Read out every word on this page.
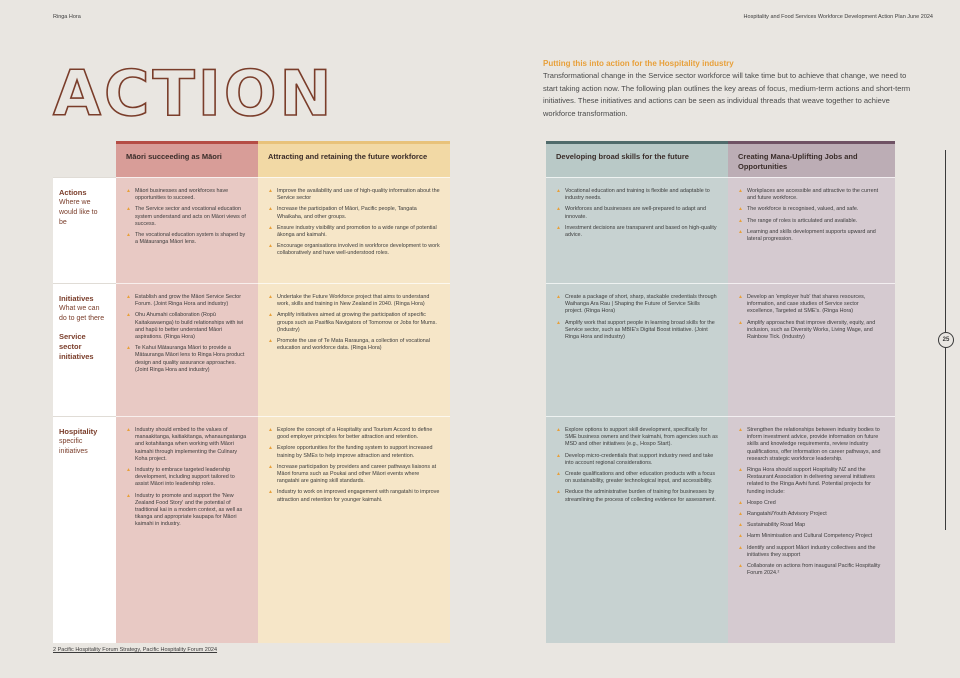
Ringa Hora	Hospitality and Food Services Workforce Development Action Plan June 2024
ACTION	Putting this into action for the Hospitality industry

Transformational change in the Service sector workforce will take time but to achieve that change, we need to start taking action now. The following plan outlines the key areas of focus, medium-term actions and short-term initiatives. These initiatives and actions can be seen as individual threads that weave together to achieve workforce transformation.

Actions
Where we would like to be
Initiatives
What we can do to get there
Service sector initiatives
Hospitality
specific initiatives
Māori succeeding as Māori
▲ Māori businesses and workforces have opportunities to succeed.
▲ The Service sector and vocational education system understand and acts on Māori views of success.
▲ The vocational education system is shaped by a Mātauranga Māori lens.
▲ Establish and grow the Māori Service Sector Forum. (Joint Ringa Hora and industry)
▲ Ohu Ahumahi collaboration (Ropū Kaitakawaenga) to build relationships with iwi and hapū to better understand Māori aspirations. (Ringa Hora)
▲ Te Kahui Mātauranga Māori to provide a Mātauranga Māori lens to Ringa Hora product design and quality assurance approaches. (Joint Ringa Hora and industry)
▲ Industry should embed to the values of manaakitanga, kaitiakitanga, whanaungatanga and kotahitanga when working with Māori kaimahi through implementing the Culinary Koha project.
▲ Industry to embrace targeted leadership development, including support tailored to assist Māori into leadership roles.
▲ Industry to promote and support the 'New Zealand Food Story' and the potential of traditional kai in a modern context, as well as tikanga and appropriate kaupapa for Māori kaimahi in industry.
Attracting and retaining the future workforce
▲ Improve the availability and use of high-quality information about the Service sector
▲ Increase the participation of Māori, Pacific people, Tangata Whaikaha, and other groups.
▲ Ensure industry visibility and promotion to a wide range of potential ākonga and kaimahi.
▲ Encourage organisations involved in workforce development to work collaboratively and have well-understood roles.
▲ Undertake the Future Workforce project that aims to understand work, skills and training in New Zealand in 2040. (Ringa Hora)
▲ Amplify initiatives aimed at growing the participation of specific groups such as Pasifika Navigators of Tomorrow or Jobs for Mums. (Industry)
▲ Promote the use of Te Mata Raraunga, a collection of vocational education and workforce data. (Ringa Hora)
▲ Explore the concept of a Hospitality and Tourism Accord to define good employer principles for better attraction and retention.
▲ Explore opportunities for the funding system to support increased training by SMEs to help improve attraction and retention.
▲ Increase participation by providers and career pathways liaisons at Māori forums such as Poukai and other Māori events where rangatahi are gaining skill standards.
▲ Industry to work on improved engagement with rangatahi to improve attraction and retention for younger kaimahi.
Developing broad skills for the future
▲ Vocational education and training is flexible and adaptable to industry needs.
▲ Workforces and businesses are well-prepared to adapt and innovate.
▲ Investment decisions are transparent and based on high-quality advice.
▲ Create a package of short, sharp, stackable credentials through Waihanga Ara Rau | Shaping the Future of Service Skills project. (Ringa Hora)
▲ Amplify work that support people in learning broad skills for the Service sector, such as MBIE's Digital Boost initiative. (Joint Ringa Hora and industry)
▲ Explore options to support skill development, specifically for SME business owners and their kaimahi, from agencies such as MSD and other initiatives (e.g., Hospo Start).
▲ Develop micro-credentials that support industry need and take into account regional considerations.
▲ Create qualifications and other education products with a focus on sustainability, greater technological input, and accessibility.
▲ Reduce the administrative burden of training for businesses by streamlining the process of collecting evidence for assessment.
Creating Mana-Uplifting Jobs and Opportunities
▲ Workplaces are accessible and attractive to the current and future workforce.
▲ The workforce is recognised, valued, and safe.
▲ The range of roles is articulated and available.
▲ Learning and skills development supports upward and lateral progression.
▲ Develop an 'employer hub' that shares resources, information, and case studies of Service sector excellence, Targeted at SME's. (Ringa Hora)
▲ Amplify approaches that improve diversity, equity, and inclusion, such as Diversity Works, Living Wage, and Rainbow Tick. (Industry)
▲ Strengthen the relationships between industry bodies to inform investment advice, provide information on future skills and knowledge requirements, review industry qualifications, offer information on career pathways, and research strategic workforce leadership.
▲ Ringa Hora should support Hospitality NZ and the Restaurant Association in delivering several initiatives related to the Ringa Awhi fund. Potential projects for funding include:
▲ Hospo Cred
▲ Rangatahi/Youth Advisory Project
▲ Sustainability Road Map
▲ Harm Minimisation and Cultural Competency Project
▲ Identify and support Māori industry collectives and the initiatives they support
▲ Collaborate on actions from inaugural Pacific Hospitality Forum 2024.²
2 Pacific Hospitality Forum Strategy, Pacific Hospitality Forum 2024
25
